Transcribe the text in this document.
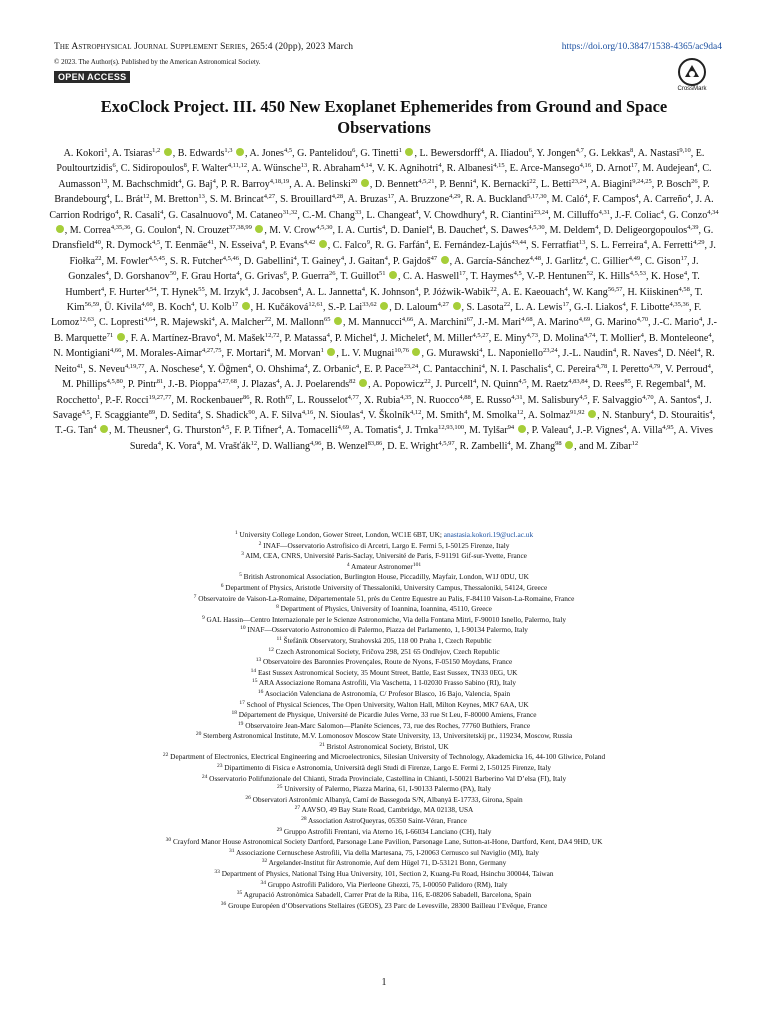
The Astrophysical Journal Supplement Series, 265:4 (20pp), 2023 March	https://doi.org/10.3847/1538-4365/ac9da4
© 2023. The Author(s). Published by the American Astronomical Society.
OPEN ACCESS
CrossMark
ExoClock Project. III. 450 New Exoplanet Ephemerides from Ground and Space Observations
A. Kokori$^1$, A. Tsiaras$^{1,2}$ , B. Edwards$^{1,3}$ , A. Jones$^{4,5}$, G. Pantelidou$^6$, G. Tinetti$^1$ , L. Bewersdorff$^4$, A. Iliadou$^6$, Y. Jongen$^{4,7}$, G. Lekkas$^8$, A. Nastasi$^{9,10}$, E. Poultourtzidis$^6$, C. Sidiropoulos$^8$, F. Walter$^{4,11,12}$, A. Wünsche$^{13}$, R. Abraham$^{4,14}$, V. K. Agnihotri$^4$, R. Albanesi$^{4,15}$, E. Arce-Mansego$^{4,16}$, D. Arnot$^{17}$, M. Audejean$^4$, C. Aumasson$^{13}$, M. Bachschmidt$^4$, G. Baj$^4$, P. R. Barroy$^{4,18,19}$, A. A. Belinski$^{20}$ , D. Bennett$^{4,5,21}$, P. Benni$^4$, K. Bernacki$^{22}$, L. Betti$^{23,24}$, A. Biagini$^{9,24,25}$, P. Bosch$^{26}$, P. Brandebourg$^4$, L. Brát$^{12}$, M. Bretton$^{13}$, S. M. Brincat$^{4,27}$, S. Brouillard$^{4,28}$, A. Bruzas$^{17}$, A. Bruzzone$^{4,29}$, R. A. Buckland$^{5,17,30}$, M. Caló$^4$, F. Campos$^4$, A. Carreño$^4$, J. A. Carrion Rodrigo$^4$, R. Casali$^4$, G. Casalnuovo$^4$, M. Cataneo$^{31,32}$, C.-M. Chang$^{33}$, L. Changeat$^4$, V. Chowdhury$^4$, R. Ciantini$^{23,24}$, M. Cilluffo$^{4,31}$, J.-F. Coliac$^4$, G. Conzo$^{4,34}$ , M. Correa$^{4,35,36}$, G. Coulon$^4$, N. Crouzet$^{37,38,99}$ , M. V. Crow$^{4,5,30}$, I. A. Curtis$^4$, D. Daniel$^4$, B. Dauchet$^4$, S. Dawes$^{4,5,30}$, M. Deldem$^4$, D. Deligeorgopoulos$^{4,39}$, G. Dransfield$^{40}$, R. Dymock$^{4,5}$, T. Eenmäe$^{41}$, N. Esseiva$^4$, P. Evans$^{4,42}$ , C. Falco$^9$, R. G. Farfán$^4$, E. Fernández-Lajús$^{43,44}$, S. Ferratfiat$^{13}$, S. L. Ferreira$^4$, A. Ferretti$^{4,29}$, J. Fiołka$^{22}$, M. Fowler$^{4,5,45}$, S. R. Futcher$^{4,5,46}$, D. Gabellini$^4$, T. Gainey$^4$, J. Gaitan$^4$, P. Gajdoš$^{47}$ , A. García-Sánchez$^{4,48}$, J. Garlitz$^4$, C. Gillier$^{4,49}$, C. Gison$^{17}$, J. Gonzales$^4$, D. Gorshanov$^{50}$, F. Grau Horta$^4$, G. Grivas$^6$, P. Guerra$^{26}$, T. Guillot$^{51}$ , C. A. Haswell$^{17}$, T. Haymes$^{4,5}$, V.-P. Hentunen$^{52}$, K. Hills$^{4,5,53}$, K. Hose$^4$, T. Humbert$^4$, F. Hurter$^{4,54}$, T. Hynek$^{55}$, M. Irzyk$^4$, J. Jacobsen$^4$, A. L. Jannetta$^4$, K. Johnson$^4$, P. Jóźwik-Wabik$^{22}$, A. E. Kaeouach$^4$, W. Kang$^{56,57}$, H. Kiiskinen$^{4,58}$, T. Kim$^{56,59}$, Ü. Kivila$^{4,60}$, B. Koch$^4$, U. Kolb$^{17}$ , H. Kučáková$^{12,61}$, S.-P. Lai$^{33,62}$ , D. Laloum$^{4,27}$ , S. Lasota$^{22}$, L. A. Lewis$^{17}$, G.-I. Liakos$^4$, F. Libotte$^{4,35,36}$, F. Lomoz$^{12,63}$, C. Lopresti$^{4,64}$, R. Majewski$^4$, A. Malcher$^{22}$, M. Mallonn$^{65}$ , M. Mannucci$^{4,66}$, A. Marchini$^{67}$, J.-M. Mari$^{4,68}$, A. Marino$^{4,69}$, G. Marino$^{4,70}$, J.-C. Mario$^4$, J.-B. Marquette$^{71}$ , F. A. Martínez-Bravo$^4$, M. Mašek$^{12,72}$, P. Matassa$^4$, P. Michel$^4$, J. Michelet$^4$, M. Miller$^{4,5,27}$, E. Miny$^{4,73}$, D. Molina$^{4,74}$, T. Mollier$^4$, B. Monteleone$^4$, N. Montigiani$^{4,66}$, M. Morales-Aimar$^{4,27,75}$, F. Mortari$^4$, M. Morvan$^1$ , L. V. Mugnai$^{10,76}$ , G. Murawski$^4$, L. Naponiello$^{23,24}$, J.-L. Naudin$^4$, R. Naves$^4$, D. Néel$^4$, R. Neito$^{41}$, S. Neveu$^{4,19,77}$, A. Noschese$^4$, Y. Öğmen$^4$, O. Ohshima$^4$, Z. Orbanic$^4$, E. P. Pace$^{23,24}$, C. Pantacchini$^4$, N. I. Paschalis$^4$, C. Pereira$^{4,78}$, I. Peretto$^{4,79}$, V. Perroud$^4$, M. Phillips$^{4,5,80}$, P. Pintr$^{81}$, J.-B. Pioppa$^{4,27,68}$, J. Plazas$^4$, A. J. Poelarends$^{82}$ , A. Popowicz$^{22}$, J. Purcell$^4$, N. Quinn$^{4,5}$, M. Raetz$^{4,83,84}$, D. Rees$^{85}$, F. Regembal$^4$, M. Rocchetto$^1$, P.-F. Rocci$^{19,27,77}$, M. Rockenbauer$^{86}$, R. Roth$^{67}$, L. Rousselot$^{4,77}$, X. Rubia$^{4,35}$, N. Ruocco$^{4,88}$, E. Russo$^{4,31}$, M. Salisbury$^{4,5}$, F. Salvaggio$^{4,70}$, A. Santos$^4$, J. Savage$^{4,5}$, F. Scaggiante$^{89}$, D. Sedita$^4$, S. Shadick$^{90}$, A. F. Silva$^{4,16}$, N. Sioulas$^4$, V. Školník$^{4,12}$, M. Smith$^4$, M. Smolka$^{12}$, A. Solmaz$^{91,92}$ , N. Stanbury$^4$, D. Stouraitis$^4$, T.-G. Tan$^4$ , M. Theusner$^4$, G. Thurston$^{4,5}$, F. P. Tifner$^4$, A. Tomacelli$^{4,69}$, A. Tomatis$^4$, J. Trnka$^{12,93,100}$, M. Tylšar$^{94}$ , P. Valeau$^4$, J.-P. Vignes$^4$, A. Villa$^{4,95}$, A. Vives Sureda$^4$, K. Vora$^4$, M. Vrašťák$^{12}$, D. Walliang$^{4,96}$, B. Wenzel$^{83,86}$, D. E. Wright$^{4,5,97}$, R. Zambelli$^4$, M. Zhang$^{98}$ , and M. Zíbar$^{12}$
$^1$ University College London, Gower Street, London, WC1E 6BT, UK; anastasia.kokori.19@ucl.ac.uk
$^2$ INAF—Osservatorio Astrofisico di Arcetri, Largo E. Fermi 5, I-50125 Firenze, Italy
$^3$ AIM, CEA, CNRS, Université Paris-Saclay, Université de Paris, F-91191 Gif-sur-Yvette, France
$^4$ Amateur Astronomer$^{101}$
$^5$ British Astronomical Association, Burlington House, Piccadilly, Mayfair, London, W1J 0DU, UK
$^6$ Department of Physics, Aristotle University of Thessaloniki, University Campus, Thessaloniki, 54124, Greece
$^7$ Observatoire de Vaison-La-Romaine, Départementale 51, près du Centre Equestre au Palis, F-84110 Vaison-La-Romaine, France
$^8$ Department of Physics, University of Ioannina, Ioannina, 45110, Greece
$^9$ GAL Hassin—Centro Internazionale per le Scienze Astronomiche, Via della Fontana Mitri, F-90010 Isnello, Palermo, Italy
$^{10}$ INAF—Osservatorio Astronomico di Palermo, Piazza del Parlamento, 1, I-90134 Palermo, Italy
$^{11}$ Štefánik Observatory, Strahovská 205, 118 00 Praha 1, Czech Republic
$^{12}$ Czech Astronomical Society, Fričova 298, 251 65 Ondřejov, Czech Republic
$^{13}$ Observatoire des Baronnies Provençales, Route de Nyons, F-05150 Moydans, France
$^{14}$ East Sussex Astronomical Society, 35 Mount Street, Battle, East Sussex, TN33 0EG, UK
$^{15}$ ARA Associazione Romana Astrofili, Via Vaschetta, 1 I-02030 Frasso Sabino (RI), Italy
$^{16}$ Asociación Valenciana de Astronomía, C/ Profesor Blasco, 16 Bajo, Valencia, Spain
$^{17}$ School of Physical Sciences, The Open University, Walton Hall, Milton Keynes, MK7 6AA, UK
$^{18}$ Département de Physique, Université de Picardie Jules Verne, 33 rue St Leu, F-80000 Amiens, France
$^{19}$ Observatoire Jean-Marc Salomon—Planète Sciences, 73, rue des Roches, 77760 Buthiers, France
$^{20}$ Sternberg Astronomical Institute, M.V. Lomonosov Moscow State University, 13, Universitetskij pr., 119234, Moscow, Russia
$^{21}$ Bristol Astronomical Society, Bristol, UK
$^{22}$ Department of Electronics, Electrical Engineering and Microelectronics, Silesian University of Technology, Akademicka 16, 44-100 Gliwice, Poland
$^{23}$ Dipartimento di Fisica e Astronomia, Università degli Studi di Firenze, Largo E. Fermi 2, I-50125 Firenze, Italy
$^{24}$ Osservatorio Polifunzionale del Chianti, Strada Provinciale, Castellina in Chianti, I-50021 Barberino Val D’elsa (FI), Italy
$^{25}$ University of Palermo, Piazza Marina, 61, I-90133 Palermo (PA), Italy
$^{26}$ Observatori Astronòmic Albanyà, Camí de Bassegoda S/N, Albanyà E-17733, Girona, Spain
$^{27}$ AAVSO, 49 Bay State Road, Cambridge, MA 02138, USA
$^{28}$ Association AstroQueyras, 05350 Saint-Véran, France
$^{29}$ Gruppo Astrofili Frentani, via Aterno 16, I-66034 Lanciano (CH), Italy
$^{30}$ Crayford Manor House Astronomical Society Dartford, Parsonage Lane Pavilion, Parsonage Lane, Sutton-at-Hone, Dartford, Kent, DA4 9HD, UK
$^{31}$ Associazione Cernuschese Astrofili, Via della Martesana, 75, I-20063 Cernusco sul Naviglio (MI), Italy
$^{32}$ Argelander-Institut für Astronomie, Auf dem Hügel 71, D-53121 Bonn, Germany
$^{33}$ Department of Physics, National Tsing Hua University, 101, Section 2, Kuang-Fu Road, Hsinchu 300044, Taiwan
$^{34}$ Gruppo Astrofili Palidoro, Via Pierleone Ghezzi, 75, I-00050 Palidoro (RM), Italy
$^{35}$ Agrupació Astronòmica Sabadell, Carrer Prat de la Riba, 116, E-08206 Sabadell, Barcelona, Spain
$^{36}$ Groupe Européen d’Observations Stellaires (GEOS), 23 Parc de Levesville, 28300 Bailleau l’Evêque, France
1
